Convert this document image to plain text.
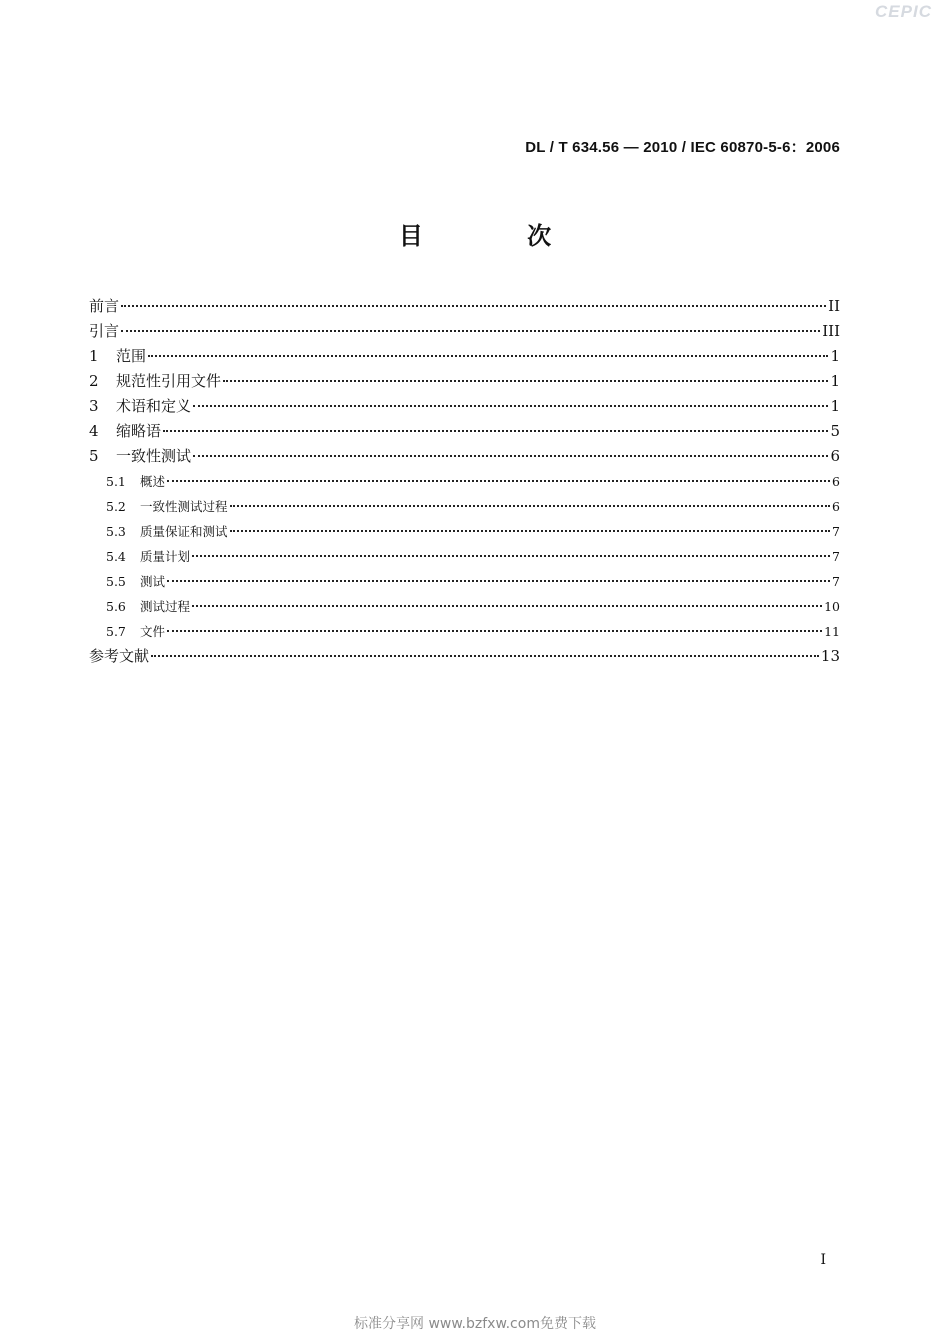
CEPIC
DL / T 634.56 — 2010 / IEC 60870-5-6：2006
目 次
前言	II
引言	III
1	范围	1
2	规范性引用文件	1
3	术语和定义	1
4	缩略语	5
5	一致性测试	6
5.1	概述	6
5.2	一致性测试过程	6
5.3	质量保证和测试	7
5.4	质量计划	7
5.5	测试	7
5.6	测试过程	10
5.7	文件	11
参考文献	13
I
标准分享网 www.bzfxw.com免费下载
